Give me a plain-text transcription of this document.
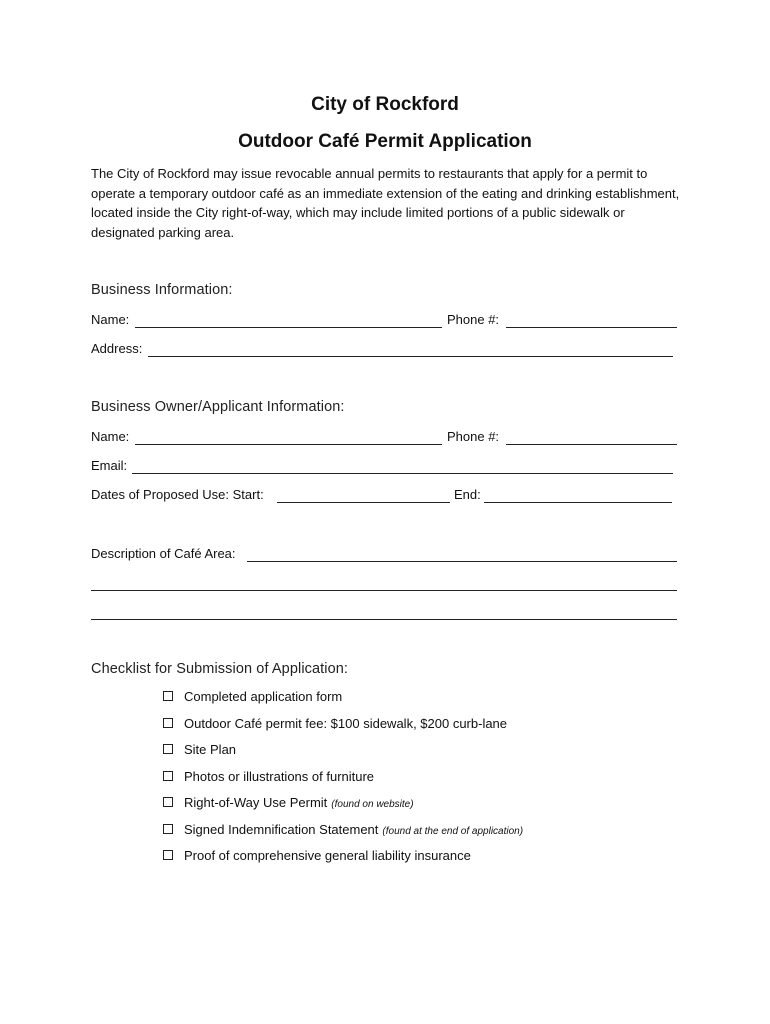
City of Rockford
Outdoor Café Permit Application
The City of Rockford may issue revocable annual permits to restaurants that apply for a permit to operate a temporary outdoor café as an immediate extension of the eating and drinking establishment, located inside the City right-of-way, which may include limited portions of a public sidewalk or designated parking area.
Business Information:
Name:	Phone #:
Address:
Business Owner/Applicant Information:
Name:	Phone #:
Email:
Dates of Proposed Use: Start:	End:
Description of Café Area:
Checklist for Submission of Application:
Completed application form
Outdoor Café permit fee: $100 sidewalk, $200 curb-lane
Site Plan
Photos or illustrations of furniture
Right-of-Way Use Permit (found on website)
Signed Indemnification Statement (found at the end of application)
Proof of comprehensive general liability insurance
